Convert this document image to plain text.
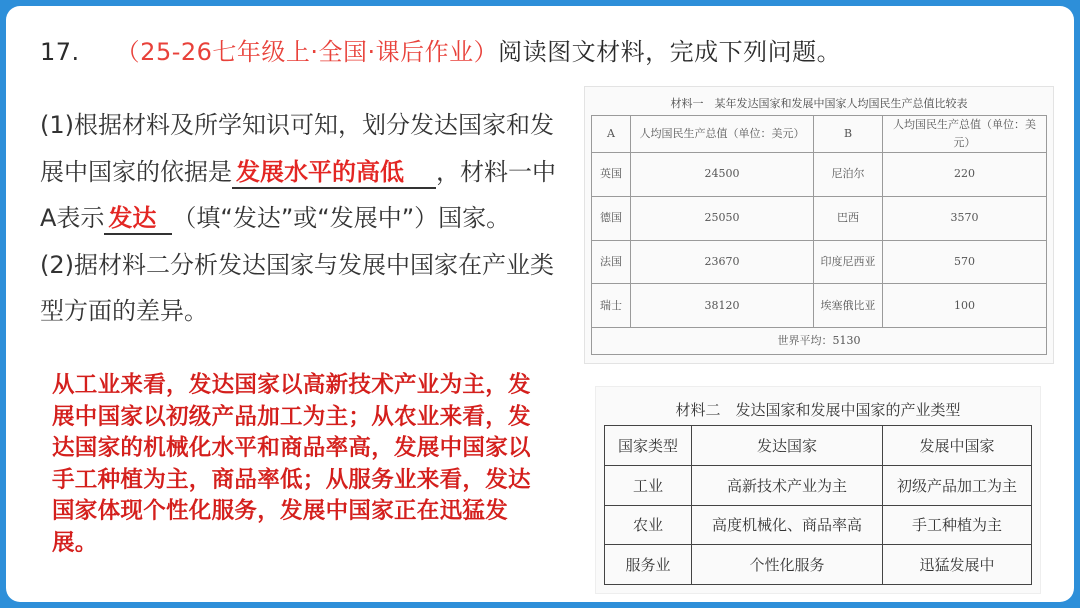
17. （25-26七年级上·全国·课后作业）阅读图文材料，完成下列问题。
(1)根据材料及所学知识可知，划分发达国家和发展中国家的依据是 发展水平的高低 ，材料一中A表示 发达 （填“发达”或“发展中”）国家。
(2)据材料二分析发达国家与发展中国家在产业类型方面的差异。
从工业来看，发达国家以高新技术产业为主，发展中国家以初级产品加工为主；从农业来看，发达国家的机械化水平和商品率高，发展中国家以手工种植为主，商品率低；从服务业来看，发达国家体现个性化服务，发展中国家正在迅猛发展。
材料一　某年发达国家和发展中国家人均国民生产总值比较表
A	人均国民生产总值（单位：美元）	B	人均国民生产总值（单位：美元）
英国	24500	尼泊尔	220
德国	25050	巴西	3570
法国	23670	印度尼西亚	570
瑞士	38120	埃塞俄比亚	100
世界平均：5130			
材料二　发达国家和发展中国家的产业类型
国家类型	发达国家	发展中国家
工业	高新技术产业为主	初级产品加工为主
农业	高度机械化、商品率高	手工种植为主
服务业	个性化服务	迅猛发展中
